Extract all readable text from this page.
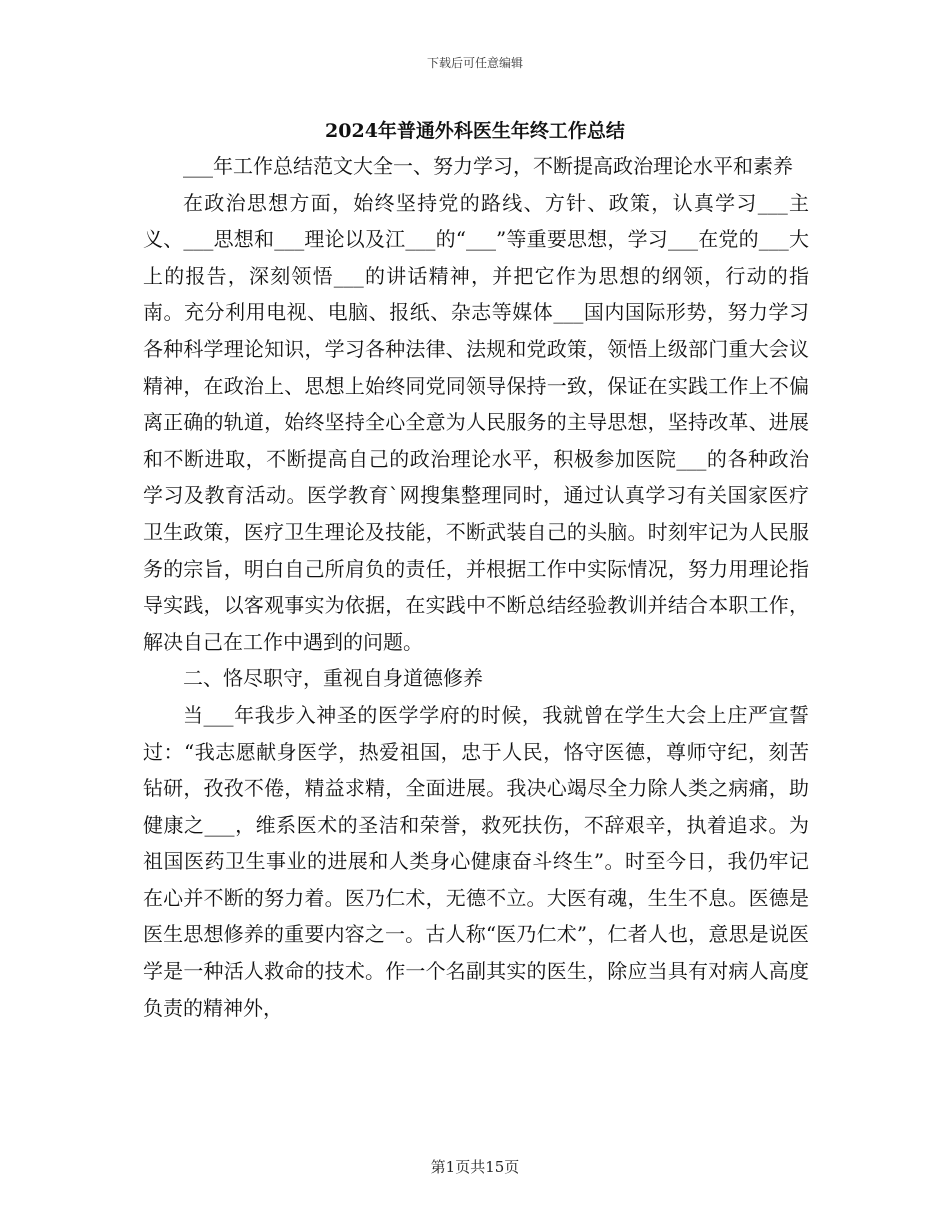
下载后可任意编辑
2024年普通外科医生年终工作总结

___年工作总结范文大全一、努力学习，不断提高政治理论水平和素养

在政治思想方面，始终坚持党的路线、方针、政策，认真学习___主义、___思想和___理论以及江___的“___”等重要思想，学习___在党的___大上的报告，深刻领悟___的讲话精神，并把它作为思想的纲领，行动的指南。充分利用电视、电脑、报纸、杂志等媒体___国内国际形势，努力学习各种科学理论知识，学习各种法律、法规和党政策，领悟上级部门重大会议精神，在政治上、思想上始终同党同领导保持一致，保证在实践工作上不偏离正确的轨道，始终坚持全心全意为人民服务的主导思想，坚持改革、进展和不断进取，不断提高自己的政治理论水平，积极参加医院___的各种政治学习及教育活动。医学教育`网搜集整理同时，通过认真学习有关国家医疗卫生政策，医疗卫生理论及技能，不断武装自己的头脑。时刻牢记为人民服务的宗旨，明白自己所肩负的责任，并根据工作中实际情况，努力用理论指导实践，以客观事实为依据，在实践中不断总结经验教训并结合本职工作，解决自己在工作中遇到的问题。

二、恪尽职守，重视自身道德修养

当___年我步入神圣的医学学府的时候，我就曾在学生大会上庄严宣誓过：“我志愿献身医学，热爱祖国，忠于人民，恪守医德，尊师守纪，刻苦钻研，孜孜不倦，精益求精，全面进展。我决心竭尽全力除人类之病痛，助健康之___，维系医术的圣洁和荣誉，救死扶伤，不辞艰辛，执着追求。为祖国医药卫生事业的进展和人类身心健康奋斗终生”。时至今日，我仍牢记在心并不断的努力着。医乃仁术，无德不立。大医有魂，生生不息。医德是医生思想修养的重要内容之一。古人称“医乃仁术”，仁者人也，意思是说医学是一种活人救命的技术。作一个名副其实的医生，除应当具有对病人高度负责的精神外，

第1页共15页
